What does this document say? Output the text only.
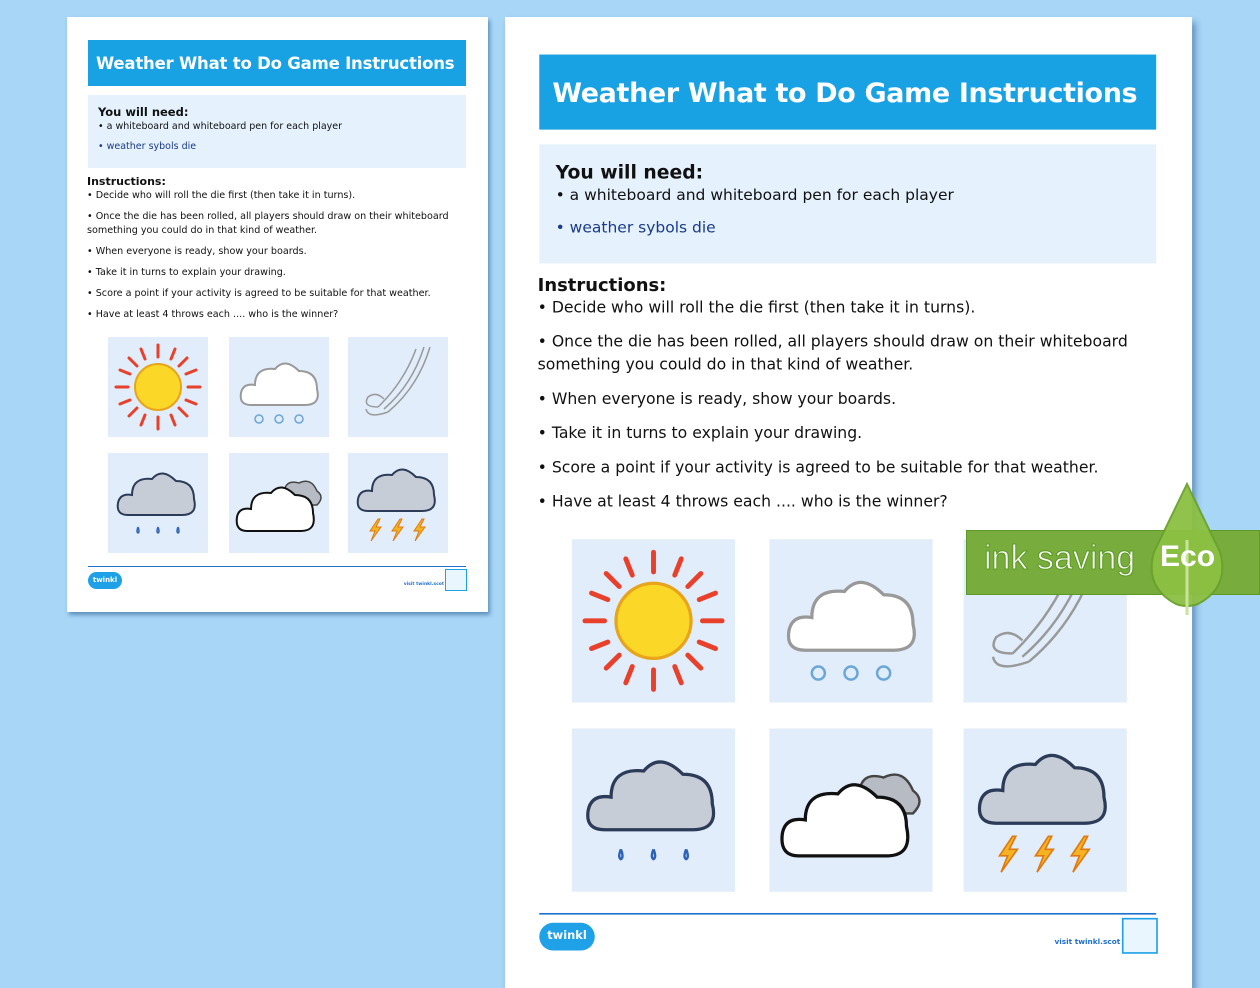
Weather What to Do Game Instructions
You will need:
• a whiteboard and whiteboard pen for each player
• weather sybols die
Instructions:
• Decide who will roll the die first (then take it in turns).
• Once the die has been rolled, all players should draw on their whiteboard something you could do in that kind of weather.
• When everyone is ready, show your boards.
• Take it in turns to explain your drawing.
• Score a point if your activity is agreed to be suitable for that weather.
• Have at least 4 throws each .... who is the winner?
twinkl
visit twinkl.scot
Weather What to Do Game Instructions
You will need:
• a whiteboard and whiteboard pen for each player
• weather sybols die
Instructions:
• Decide who will roll the die first (then take it in turns).
• Once the die has been rolled, all players should draw on their whiteboard something you could do in that kind of weather.
• When everyone is ready, show your boards.
• Take it in turns to explain your drawing.
• Score a point if your activity is agreed to be suitable for that weather.
• Have at least 4 throws each .... who is the winner?
twinkl
visit twinkl.scot
ink saving Eco
